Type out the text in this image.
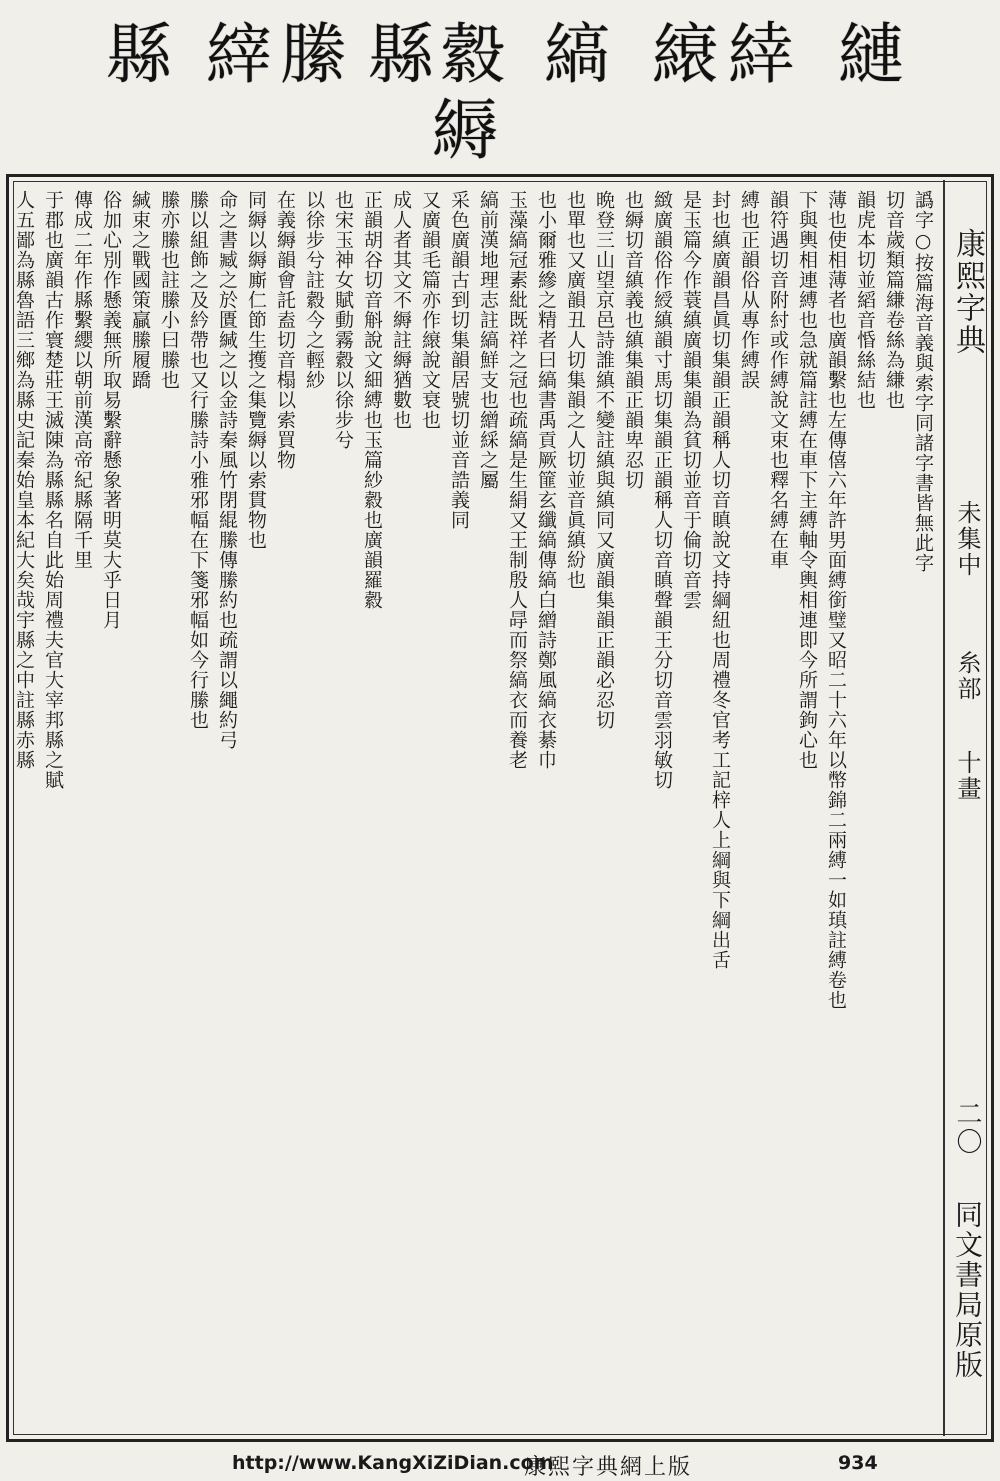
縺
緈
縗
縞
縠
縣
縢
縡
縣
縟
康熙字典
未集中
糸部
十畫
二〇
同文書局原版
譌字○按篇海音義與索字同諸字書皆無此字
切音歲類篇縑卷絲為縑也
韻虎本切並縚音惛絲結也
薄也使相薄者也廣韻繫也左傳僖六年許男面縛銜璧又昭二十六年以幣錦二兩縛一如瑱註縛卷也
下與輿相連縛也急就篇註縛在車下主縛軸令輿相連即今所謂鉤心也
韻符遇切音附紂或作縛說文束也釋名縛在車
縛也正韻俗从專作縛誤
封也縝廣韻昌眞切集韻正韻稱人切音瞋說文持綱紐也周禮冬官考工記梓人上綱與下綱出舌
是玉篇今作蓑縝廣韻集韻為貧切並音于倫切音雲
緻廣韻俗作綬縝韻寸馬切集韻正韻稱人切音瞋聲韻王分切音雲羽敏切
也縟切音縝義也縝集韻正韻卑忍切
晩登三山望京邑詩誰縝不變註縝與縝同又廣韻集韻正韻必忍切
也單也又廣韻丑人切集韻之人切並音眞縝紛也
也小爾雅縿之精者曰縞書禹貢厥篚玄纖縞傳縞白繒詩鄭風縞衣綦巾
玉藻縞冠素紕既祥之冠也疏縞是生絹又王制殷人冔而祭縞衣而養老
縞前漢地理志註縞鮮支也繒綵之屬
采色廣韻古到切集韻居號切並音誥義同
又廣韻毛篇亦作縗說文衰也
成人者其文不縟註縟猶數也
正韻胡谷切音斛說文細縛也玉篇紗縠也廣韻羅縠
也宋玉神女賦動霧縠以徐步兮
以徐步兮註縠今之輕紗
在義縟韻會託盍切音榻以索買物
同縟以縟廝仁節生擭之集覽縟以索貫物也
命之書臧之於匱緘之以金詩秦風竹閉緄縢傳縢約也疏謂以繩約弓
縢以組飾之及紟帶也又行縢詩小雅邪幅在下箋邪幅如今行縢也
縢亦縢也註縢小曰縢也
緘束之戰國策贏縢履蹻
俗加心別作懸義無所取易繫辭懸象著明莫大乎日月
傳成二年作縣繫纓以朝前漢高帝紀縣隔千里
于郡也廣韻古作寰楚莊王滅陳為縣縣名自此始周禮夫官大宰邦縣之賦
人五鄙為縣魯語三鄉為縣史記秦始皇本紀大矣哉宇縣之中註縣赤縣
http://www.KangXiZiDian.com
康熙字典網上版	934
